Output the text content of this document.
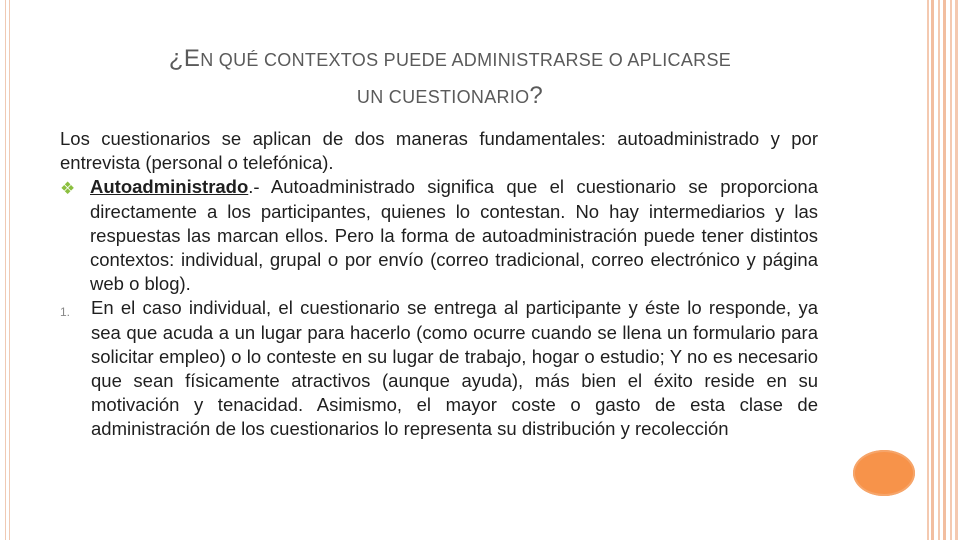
¿EN QUÉ CONTEXTOS PUEDE ADMINISTRARSE O APLICARSE
UN CUESTIONARIO?

Los cuestionarios se aplican de dos maneras fundamentales: autoadministrado y por entrevista (personal o telefónica).

❖ Autoadministrado.- Autoadministrado significa que el cuestionario se proporciona directamente a los participantes, quienes lo contestan. No hay intermediarios y las respuestas las marcan ellos. Pero la forma de autoadministración puede tener distintos contextos: individual, grupal o por envío (correo tradicional, correo electrónico y página web o blog).
1. En el caso individual, el cuestionario se entrega al participante y éste lo responde, ya sea que acuda a un lugar para hacerlo (como ocurre cuando se llena un formulario para solicitar empleo) o lo conteste en su lugar de trabajo, hogar o estudio; Y no es necesario que sean físicamente atractivos (aunque ayuda), más bien el éxito reside en su motivación y tenacidad. Asimismo, el mayor coste o gasto de esta clase de administración de los cuestionarios lo representa su distribución y recolección
